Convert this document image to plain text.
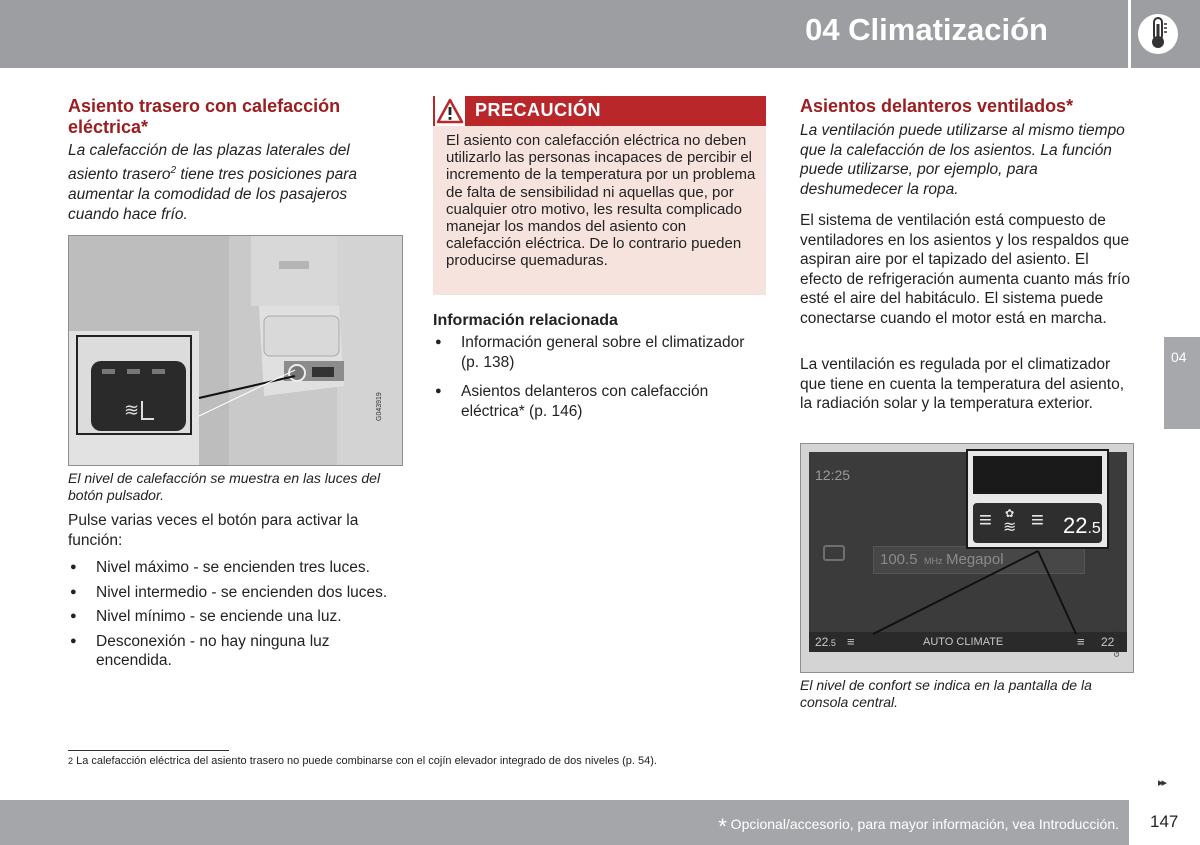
04 Climatización
04
Asiento trasero con calefacción eléctrica*
La calefacción de las plazas laterales del asiento trasero$^2$ tiene tres posiciones para aumentar la comodidad de los pasajeros cuando hace frío.
≋	G043919
El nivel de calefacción se muestra en las luces del botón pulsador.
Pulse varias veces el botón para activar la función:
● Nivel máximo - se encienden tres luces.
● Nivel intermedio - se encienden dos luces.
● Nivel mínimo - se enciende una luz.
● Desconexión - no hay ninguna luz encendida.
PRECAUCIÓN
El asiento con calefacción eléctrica no deben utilizarlo las personas incapaces de percibir el incremento de la temperatura por un problema de falta de sensibilidad ni aquellas que, por cualquier otro motivo, les resulta complicado manejar los mandos del asiento con calefacción eléctrica. De lo contrario pueden producirse quemaduras.
Información relacionada
● Información general sobre el climatizador (p. 138)
● Asientos delanteros con calefacción eléctrica* (p. 146)
Asientos delanteros ventilados*
La ventilación puede utilizarse al mismo tiempo que la calefacción de los asientos. La función puede utilizarse, por ejemplo, para deshumedecer la ropa.
El sistema de ventilación está compuesto de ventiladores en los asientos y los respaldos que aspiran aire por el tapizado del asiento. El efecto de refrigeración aumenta cuanto más frío esté el aire del habitáculo. El sistema puede conectarse cuando el motor está en marcha.
La ventilación es regulada por el climatizador que tiene en cuenta la temperatura del asiento, la radiación solar y la temperatura exterior.
12:25
100.5 MHz Megapol
22.5 ≡	AUTO CLIMATE	≡ 22
≡ ✿
≋ ≡ 22.5
G045231
El nivel de confort se indica en la pantalla de la consola central.
2 La calefacción eléctrica del asiento trasero no puede combinarse con el cojín elevador integrado de dos niveles (p. 54).
▸▸
* Opcional/accesorio, para mayor información, vea Introducción. 147
